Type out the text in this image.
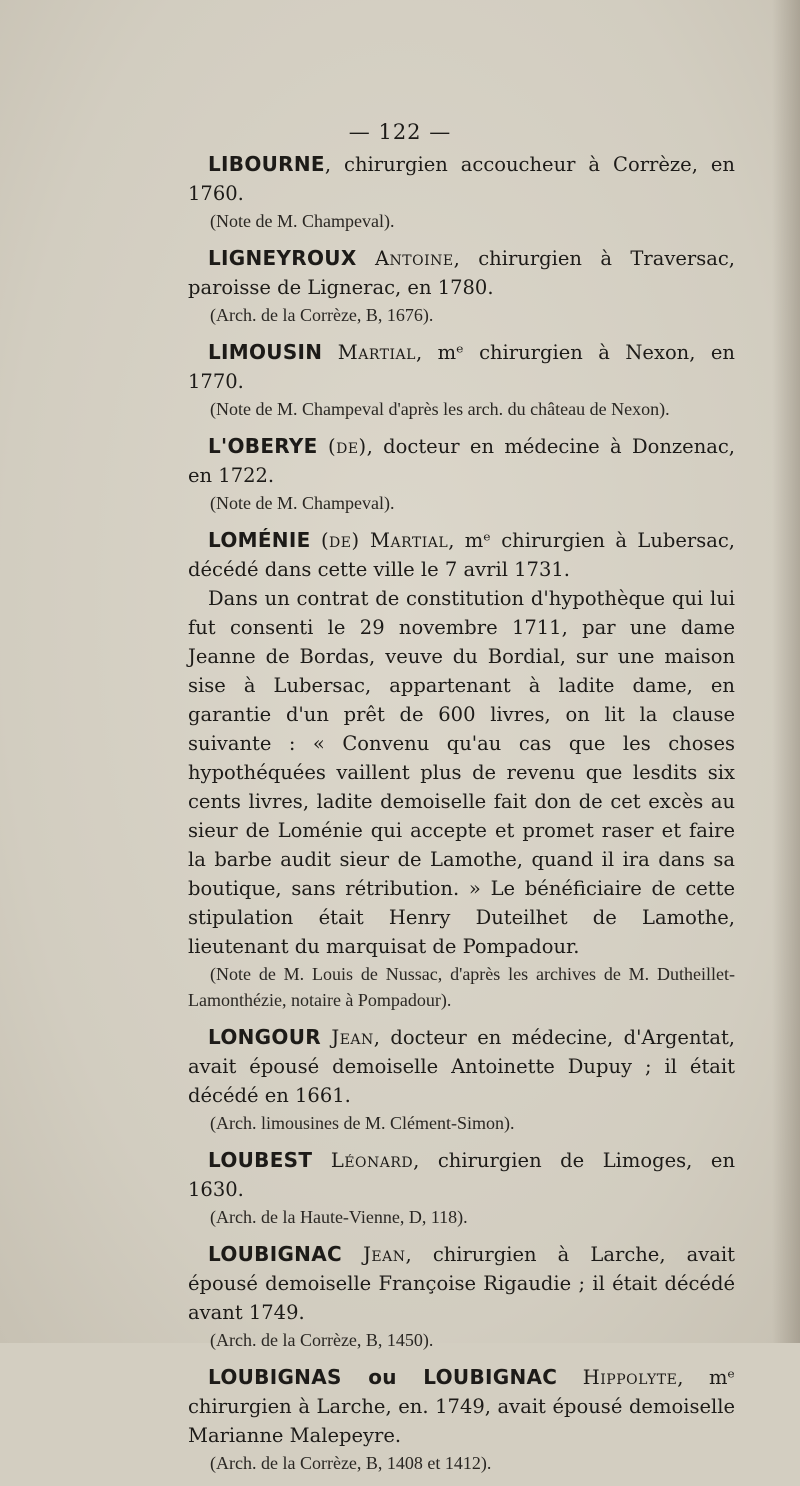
— 122 —

LIBOURNE, chirurgien accoucheur à Corrèze, en 1760.

(Note de M. Champeval).

LIGNEYROUX Antoine, chirurgien à Traversac, paroisse de Lignerac, en 1780.

(Arch. de la Corrèze, B, 1676).

LIMOUSIN Martial, mᵉ chirurgien à Nexon, en 1770.

(Note de M. Champeval d'après les arch. du château de Nexon).

L'OBERYE (de), docteur en médecine à Donzenac, en 1722.

(Note de M. Champeval).

LOMÉNIE (de) Martial, mᵉ chirurgien à Lubersac, décédé dans cette ville le 7 avril 1731.

Dans un contrat de constitution d'hypothèque qui lui fut consenti le 29 novembre 1711, par une dame Jeanne de Bordas, veuve du Bordial, sur une maison sise à Lubersac, appartenant à ladite dame, en garantie d'un prêt de 600 livres, on lit la clause suivante : « Convenu qu'au cas que les choses hypothéquées vaillent plus de revenu que lesdits six cents livres, ladite demoiselle fait don de cet excès au sieur de Loménie qui accepte et promet raser et faire la barbe audit sieur de Lamothe, quand il ira dans sa boutique, sans rétribution. » Le bénéficiaire de cette stipulation était Henry Duteilhet de Lamothe, lieutenant du marquisat de Pompadour.

(Note de M. Louis de Nussac, d'après les archives de M. Dutheillet-Lamonthézie, notaire à Pompadour).

LONGOUR Jean, docteur en médecine, d'Argentat, avait épousé demoiselle Antoinette Dupuy ; il était décédé en 1661.

(Arch. limousines de M. Clément-Simon).

LOUBEST Léonard, chirurgien de Limoges, en 1630.

(Arch. de la Haute-Vienne, D, 118).

LOUBIGNAC Jean, chirurgien à Larche, avait épousé demoiselle Françoise Rigaudie ; il était décédé avant 1749.

(Arch. de la Corrèze, B, 1450).

LOUBIGNAS ou LOUBIGNAC Hippolyte, mᵉ chirurgien à Larche, en. 1749, avait épousé demoiselle Marianne Malepeyre.

(Arch. de la Corrèze, B, 1408 et 1412).
